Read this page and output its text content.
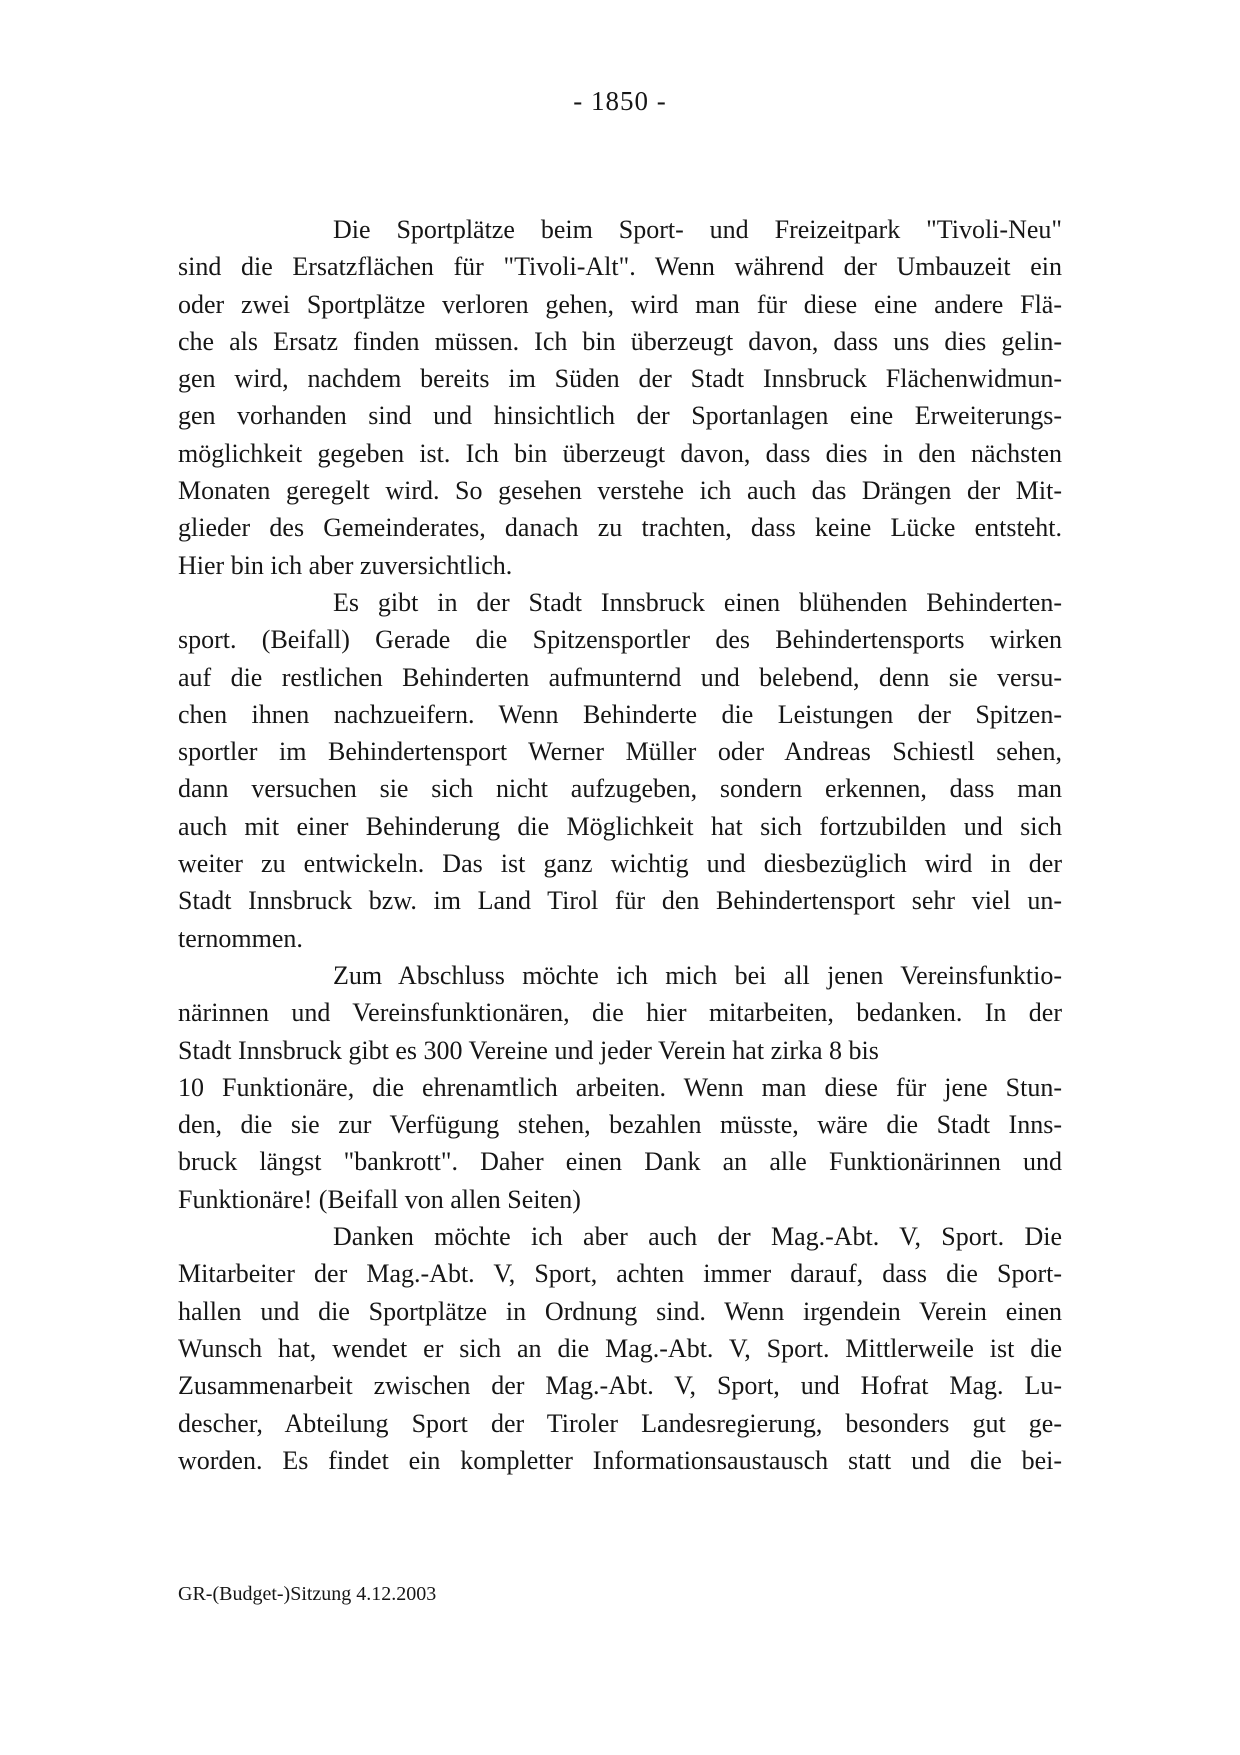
- 1850 -
Die Sportplätze beim Sport- und Freizeitpark "Tivoli-Neu"
sind die Ersatzflächen für "Tivoli-Alt". Wenn während der Umbauzeit ein
oder zwei Sportplätze verloren gehen, wird man für diese eine andere Flä-
che als Ersatz finden müssen. Ich bin überzeugt davon, dass uns dies gelin-
gen wird, nachdem bereits im Süden der Stadt Innsbruck Flächenwidmun-
gen vorhanden sind und hinsichtlich der Sportanlagen eine Erweiterungs-
möglichkeit gegeben ist. Ich bin überzeugt davon, dass dies in den nächsten
Monaten geregelt wird. So gesehen verstehe ich auch das Drängen der Mit-
glieder des Gemeinderates, danach zu trachten, dass keine Lücke entsteht.
Hier bin ich aber zuversichtlich.
Es gibt in der Stadt Innsbruck einen blühenden Behinderten-
sport. (Beifall) Gerade die Spitzensportler des Behindertensports wirken
auf die restlichen Behinderten aufmunternd und belebend, denn sie versu-
chen ihnen nachzueifern. Wenn Behinderte die Leistungen der Spitzen-
sportler im Behindertensport Werner Müller oder Andreas Schiestl sehen,
dann versuchen sie sich nicht aufzugeben, sondern erkennen, dass man
auch mit einer Behinderung die Möglichkeit hat sich fortzubilden und sich
weiter zu entwickeln. Das ist ganz wichtig und diesbezüglich wird in der
Stadt Innsbruck bzw. im Land Tirol für den Behindertensport sehr viel un-
ternommen.
Zum Abschluss möchte ich mich bei all jenen Vereinsfunktio-
närinnen und Vereinsfunktionären, die hier mitarbeiten, bedanken. In der
Stadt Innsbruck gibt es 300 Vereine und jeder Verein hat zirka 8 bis
10 Funktionäre, die ehrenamtlich arbeiten. Wenn man diese für jene Stun-
den, die sie zur Verfügung stehen, bezahlen müsste, wäre die Stadt Inns-
bruck längst "bankrott". Daher einen Dank an alle Funktionärinnen und
Funktionäre! (Beifall von allen Seiten)
Danken möchte ich aber auch der Mag.-Abt. V, Sport. Die
Mitarbeiter der Mag.-Abt. V, Sport, achten immer darauf, dass die Sport-
hallen und die Sportplätze in Ordnung sind. Wenn irgendein Verein einen
Wunsch hat, wendet er sich an die Mag.-Abt. V, Sport. Mittlerweile ist die
Zusammenarbeit zwischen der Mag.-Abt. V, Sport, und Hofrat Mag. Lu-
descher, Abteilung Sport der Tiroler Landesregierung, besonders gut ge-
worden. Es findet ein kompletter Informationsaustausch statt und die bei-
GR-(Budget-)Sitzung 4.12.2003
